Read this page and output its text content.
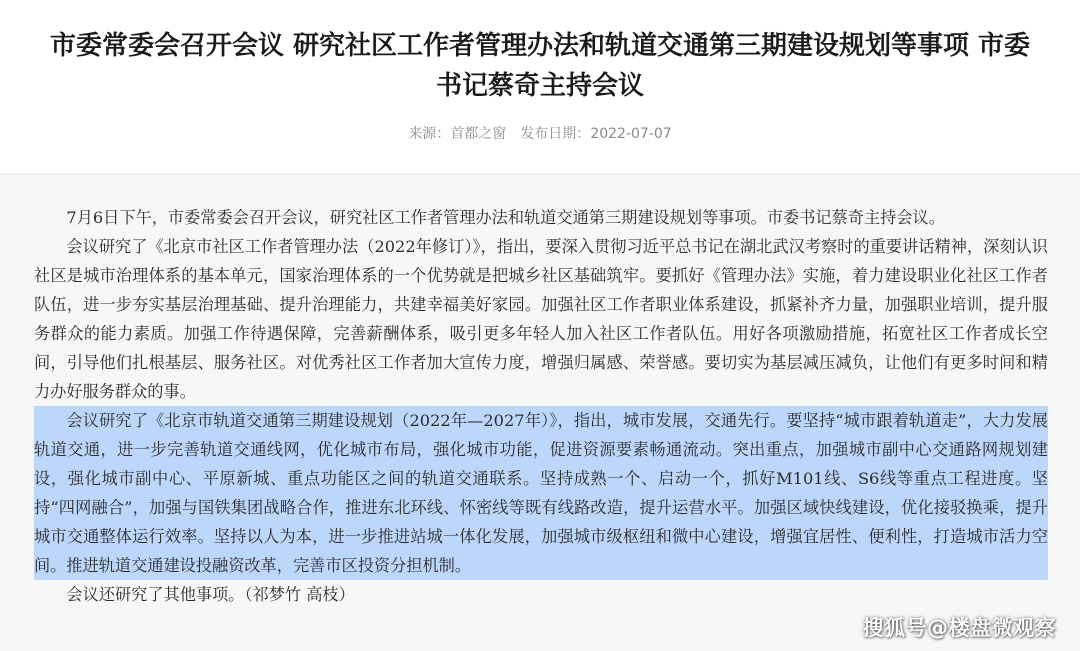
市委常委会召开会议 研究社区工作者管理办法和轨道交通第三期建设规划等事项 市委书记蔡奇主持会议
来源：首都之窗 发布日期：2022-07-07

7月6日下午，市委常委会召开会议，研究社区工作者管理办法和轨道交通第三期建设规划等事项。市委书记蔡奇主持会议。

会议研究了《北京市社区工作者管理办法（2022年修订）》，指出，要深入贯彻习近平总书记在湖北武汉考察时的重要讲话精神，深刻认识社区是城市治理体系的基本单元，国家治理体系的一个优势就是把城乡社区基础筑牢。要抓好《管理办法》实施，着力建设职业化社区工作者队伍，进一步夯实基层治理基础、提升治理能力，共建幸福美好家园。加强社区工作者职业体系建设，抓紧补齐力量，加强职业培训，提升服务群众的能力素质。加强工作待遇保障，完善薪酬体系，吸引更多年轻人加入社区工作者队伍。用好各项激励措施，拓宽社区工作者成长空间，引导他们扎根基层、服务社区。对优秀社区工作者加大宣传力度，增强归属感、荣誉感。要切实为基层减压减负，让他们有更多时间和精力办好服务群众的事。

会议研究了《北京市轨道交通第三期建设规划（2022年—2027年）》，指出，城市发展，交通先行。要坚持“城市跟着轨道走”，大力发展轨道交通，进一步完善轨道交通线网，优化城市布局，强化城市功能，促进资源要素畅通流动。突出重点，加强城市副中心交通路网规划建设，强化城市副中心、平原新城、重点功能区之间的轨道交通联系。坚持成熟一个、启动一个，抓好M101线、S6线等重点工程进度。坚持“四网融合”，加强与国铁集团战略合作，推进东北环线、怀密线等既有线路改造，提升运营水平。加强区域快线建设，优化接驳换乘，提升城市交通整体运行效率。坚持以人为本，进一步推进站城一体化发展，加强城市级枢纽和微中心建设，增强宜居性、便利性，打造城市活力空间。推进轨道交通建设投融资改革，完善市区投资分担机制。

会议还研究了其他事项。（祁梦竹 高枝）

搜狐号@楼盘微观察
